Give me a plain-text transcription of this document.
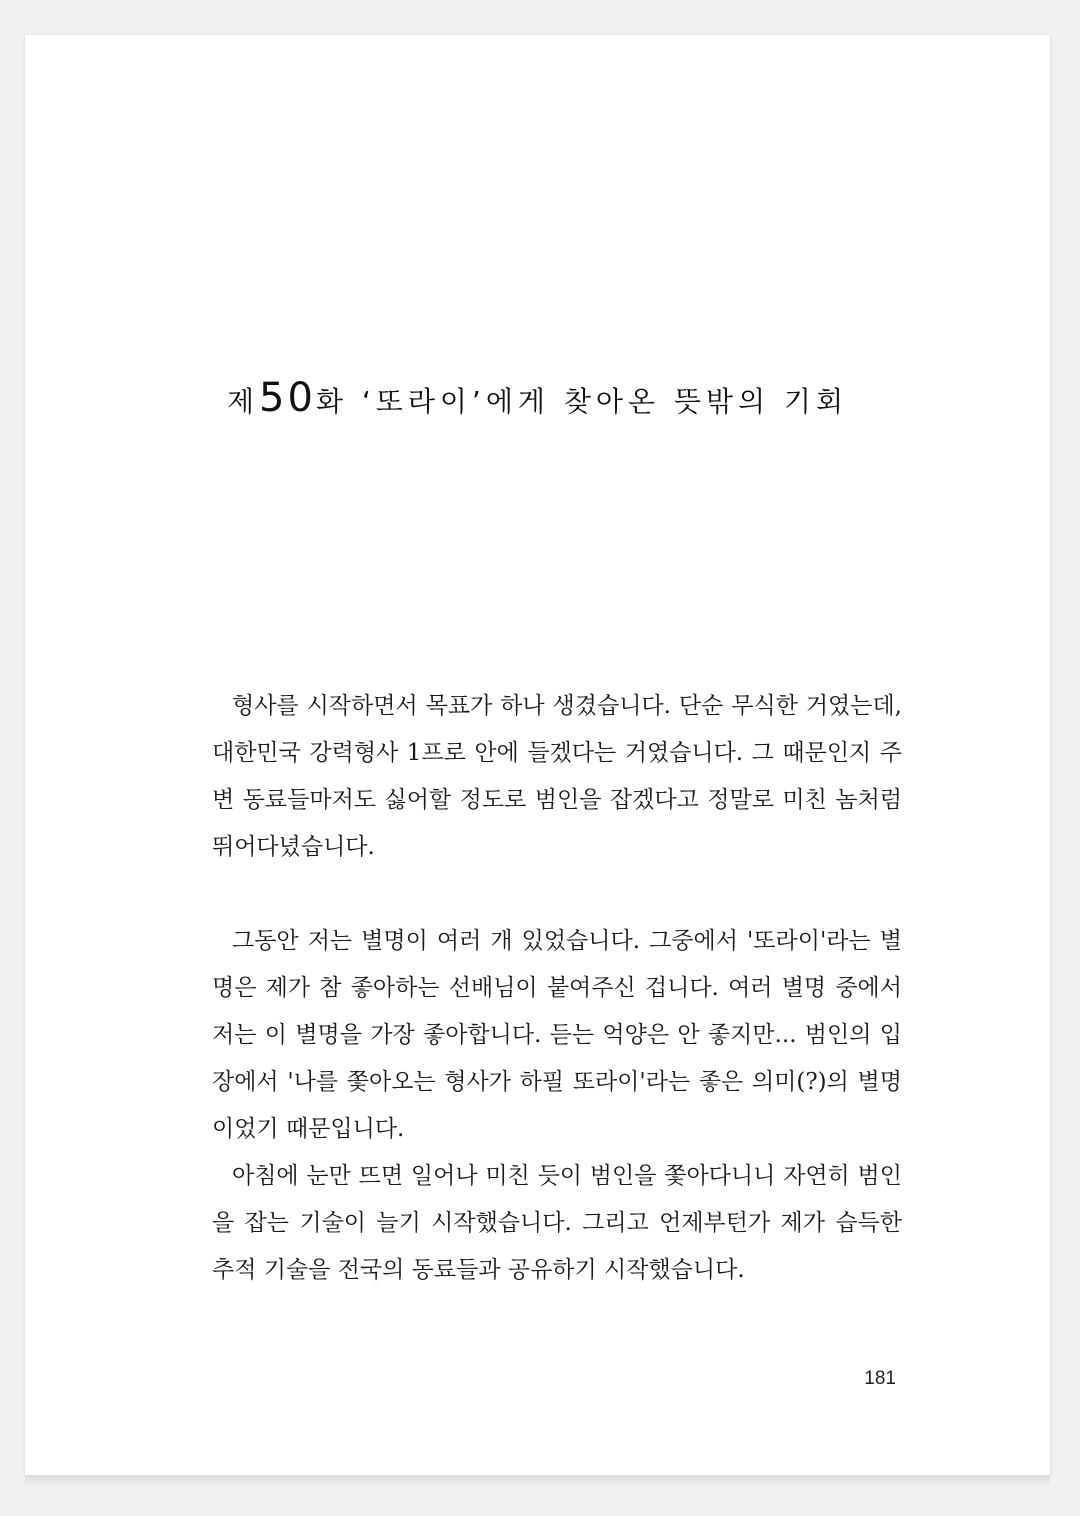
제50화 ‘또라이’에게 찾아온 뜻밖의 기회

형사를 시작하면서 목표가 하나 생겼습니다. 단순 무식한 거였는데, 대한민국 강력형사 1프로 안에 들겠다는 거였습니다. 그 때문인지 주변 동료들마저도 싫어할 정도로 범인을 잡겠다고 정말로 미친 놈처럼 뛰어다녔습니다.

그동안 저는 별명이 여러 개 있었습니다. 그중에서 '또라이'라는 별명은 제가 참 좋아하는 선배님이 붙여주신 겁니다. 여러 별명 중에서 저는 이 별명을 가장 좋아합니다. 듣는 억양은 안 좋지만... 범인의 입장에서 '나를 쫓아오는 형사가 하필 또라이'라는 좋은 의미(?)의 별명이었기 때문입니다.

아침에 눈만 뜨면 일어나 미친 듯이 범인을 쫓아다니니 자연히 범인을 잡는 기술이 늘기 시작했습니다. 그리고 언제부턴가 제가 습득한 추적 기술을 전국의 동료들과 공유하기 시작했습니다.

181
